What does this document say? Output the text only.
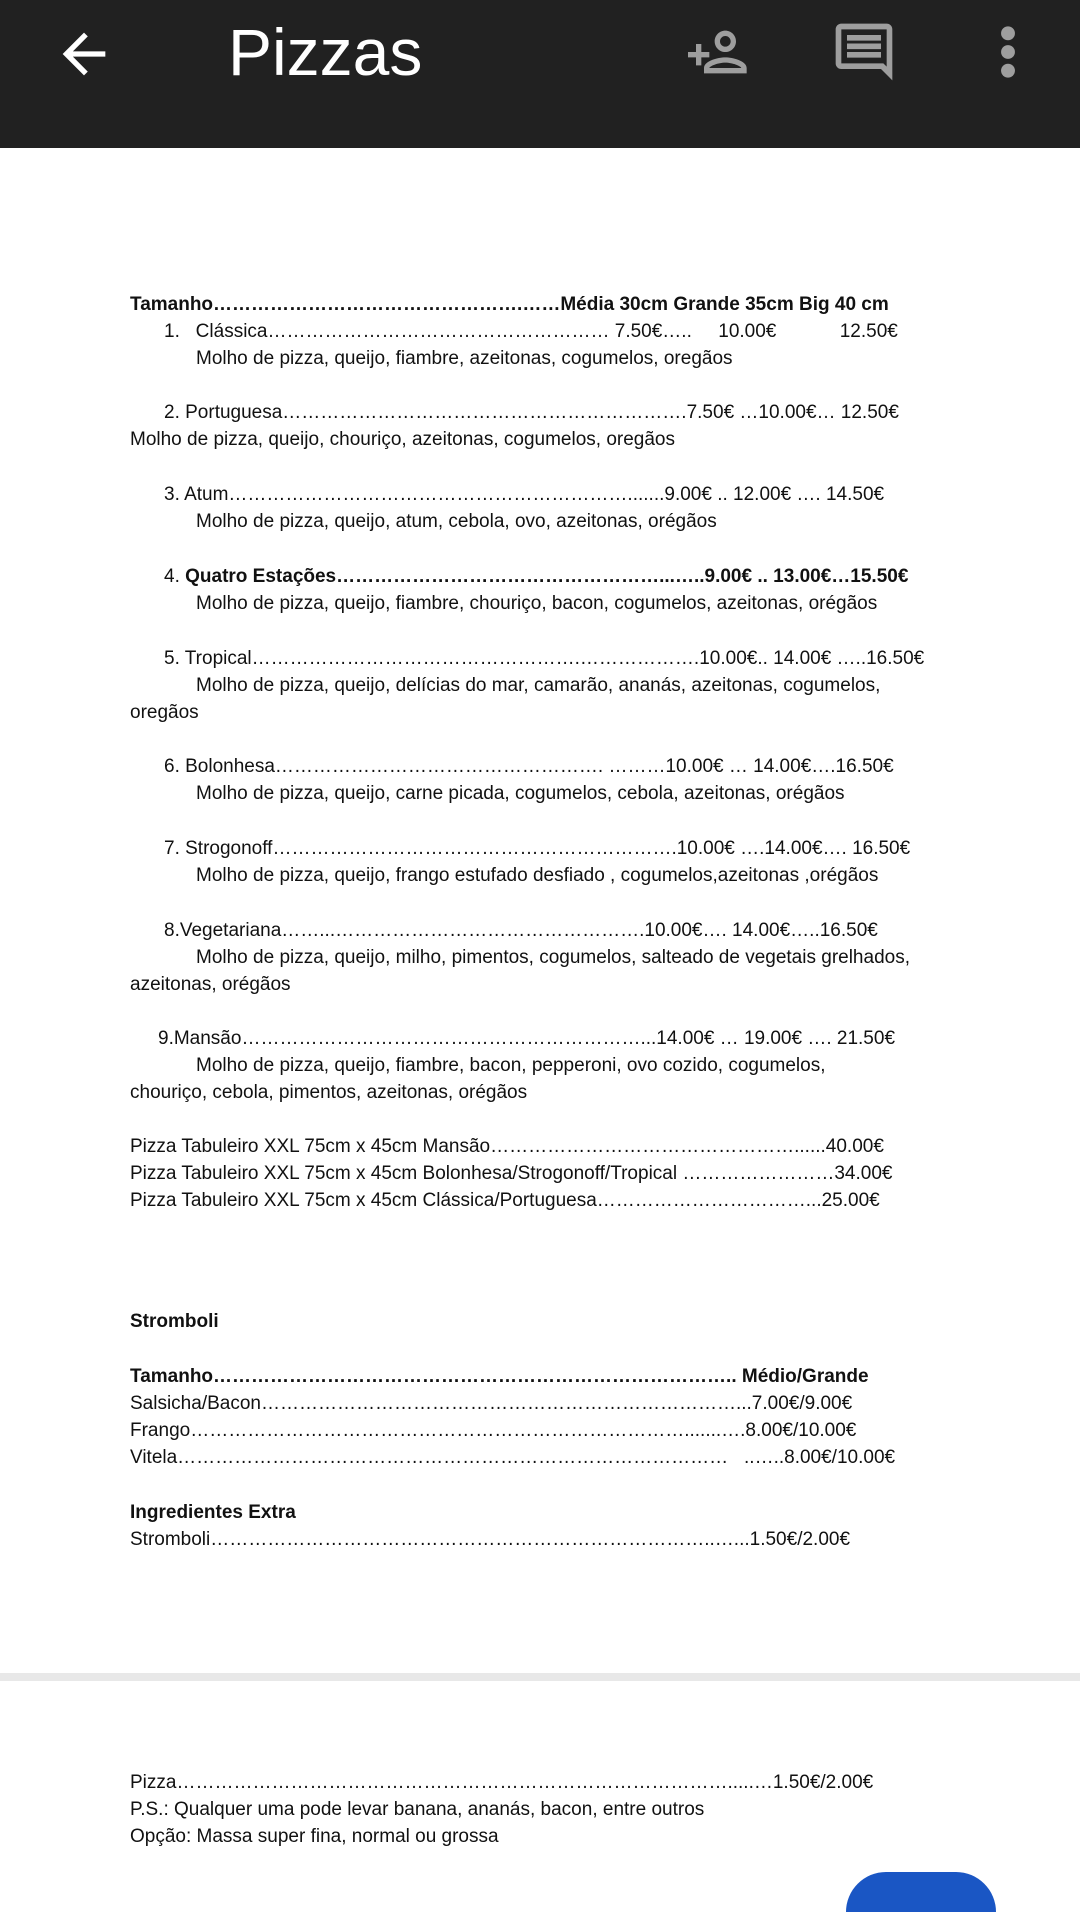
Pizzas
Tamanho………………………………………….……Média 30cm Grande 35cm Big 40 cm
1.   Clássica……………………………………………… 7.50€…..     10.00€            12.50€
Molho de pizza, queijo, fiambre, azeitonas, cogumelos, oregãos
2. Portuguesa……………………………………………………….7.50€ …10.00€… 12.50€
Molho de pizza, queijo, chouriço, azeitonas, cogumelos, oregãos
3. Atum……………………………………………………….......9.00€ .. 12.00€ …. 14.50€
Molho de pizza, queijo, atum, cebola, ovo, azeitonas, orégãos
4. Quatro Estações……………………………………………...…..9.00€ .. 13.00€…15.50€
Molho de pizza, queijo, fiambre, chouriço, bacon, cogumelos, azeitonas, orégãos
5. Tropical…………………………………………….……………….10.00€.. 14.00€ …..16.50€
Molho de pizza, queijo, delícias do mar, camarão, ananás, azeitonas, cogumelos,
oregãos
6. Bolonhesa……………………………………………. ………10.00€ … 14.00€….16.50€
Molho de pizza, queijo, carne picada, cogumelos, cebola, azeitonas, orégãos
7. Strogonoff……………………………………………………….10.00€ ….14.00€…. 16.50€
Molho de pizza, queijo, frango estufado desfiado , cogumelos,azeitonas ,orégãos
8.Vegetariana……...………………………………………….10.00€…. 14.00€…..16.50€
Molho de pizza, queijo, milho, pimentos, cogumelos, salteado de vegetais grelhados,
azeitonas, orégãos
9.Mansão………………………………………………………...14.00€ … 19.00€ …. 21.50€
Molho de pizza, queijo, fiambre, bacon, pepperoni, ovo cozido, cogumelos,
chouriço, cebola, pimentos, azeitonas, orégãos
Pizza Tabuleiro XXL 75cm x 45cm Mansão…………………………………………......40.00€
Pizza Tabuleiro XXL 75cm x 45cm Bolonhesa/Strogonoff/Tropical ……………………34.00€
Pizza Tabuleiro XXL 75cm x 45cm Clássica/Portuguesa……………………………...25.00€
Stromboli
Tamanho……………………………………………………………………….. Médio/Grande
Salsicha/Bacon…………………………………………………………………...7.00€/9.00€
Frango…………………………………………………………………….......….8.00€/10.00€
Vitela……………………………………………………………………………   ..…..8.00€/10.00€
Ingredientes Extra
Stromboli……………………………………………………………………..…...1.50€/2.00€
Pizza…………………………………………………………………………….....…1.50€/2.00€
P.S.: Qualquer uma pode levar banana, ananás, bacon, entre outros
Opção: Massa super fina, normal ou grossa
